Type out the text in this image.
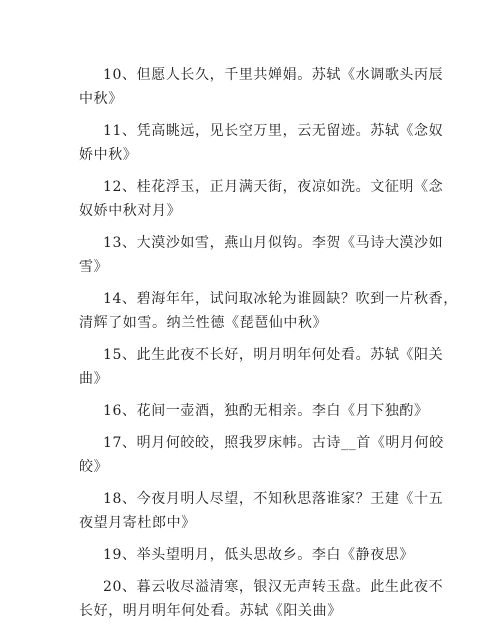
10、但愿人长久，千里共婵娟。苏轼《水调歌头丙辰
中秋》
11、凭高眺远，见长空万里，云无留迹。苏轼《念奴
娇中秋》
12、桂花浮玉，正月满天街，夜凉如洗。文征明《念
奴娇中秋对月》
13、大漠沙如雪，燕山月似钩。李贺《马诗大漠沙如
雪》
14、碧海年年，试问取冰轮为谁圆缺？吹到一片秋香，
清辉了如雪。纳兰性德《琵琶仙中秋》
15、此生此夜不长好，明月明年何处看。苏轼《阳关
曲》
16、花间一壶酒，独酌无相亲。李白《月下独酌》
17、明月何皎皎，照我罗床帏。古诗__首《明月何皎
皎》
18、今夜月明人尽望，不知秋思落谁家？王建《十五
夜望月寄杜郎中》
19、举头望明月，低头思故乡。李白《静夜思》
20、暮云收尽溢清寒，银汉无声转玉盘。此生此夜不
长好，明月明年何处看。苏轼《阳关曲》
